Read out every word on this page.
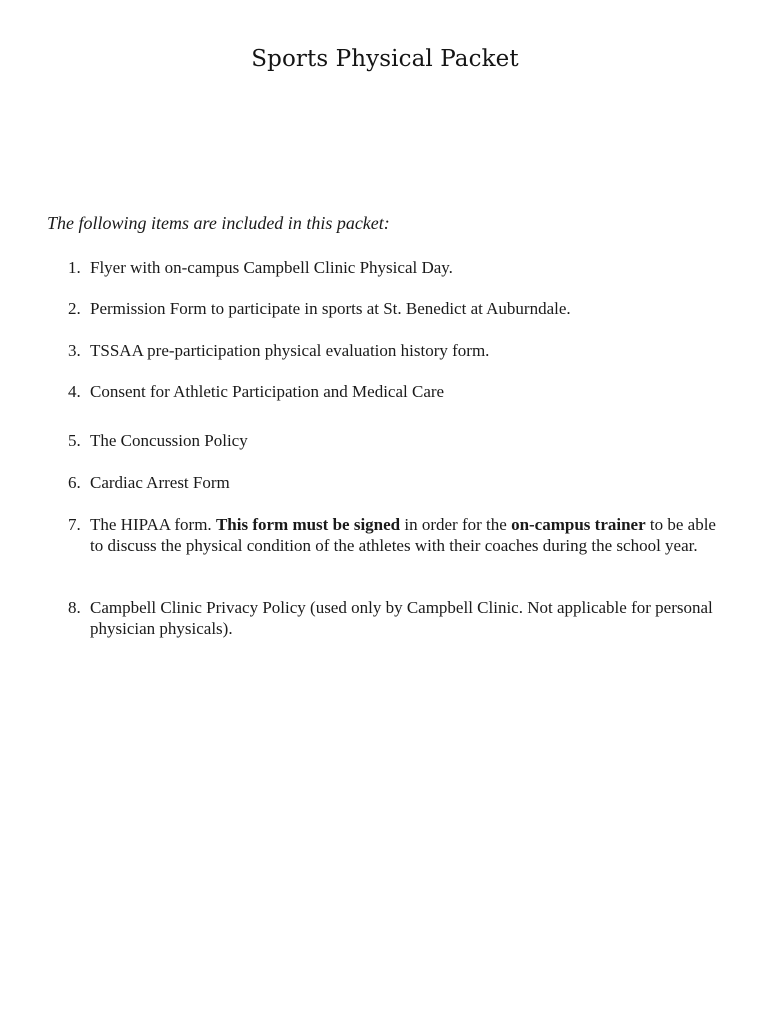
Sports Physical Packet

The following items are included in this packet:

1. Flyer with on-campus Campbell Clinic Physical Day.
2. Permission Form to participate in sports at St. Benedict at Auburndale.
3. TSSAA pre-participation physical evaluation history form.
4. Consent for Athletic Participation and Medical Care
5. The Concussion Policy
6. Cardiac Arrest Form
7. The HIPAA form. This form must be signed in order for the on-campus trainer to be able to discuss the physical condition of the athletes with their coaches during the school year.
8. Campbell Clinic Privacy Policy (used only by Campbell Clinic. Not applicable for personal physician physicals).
